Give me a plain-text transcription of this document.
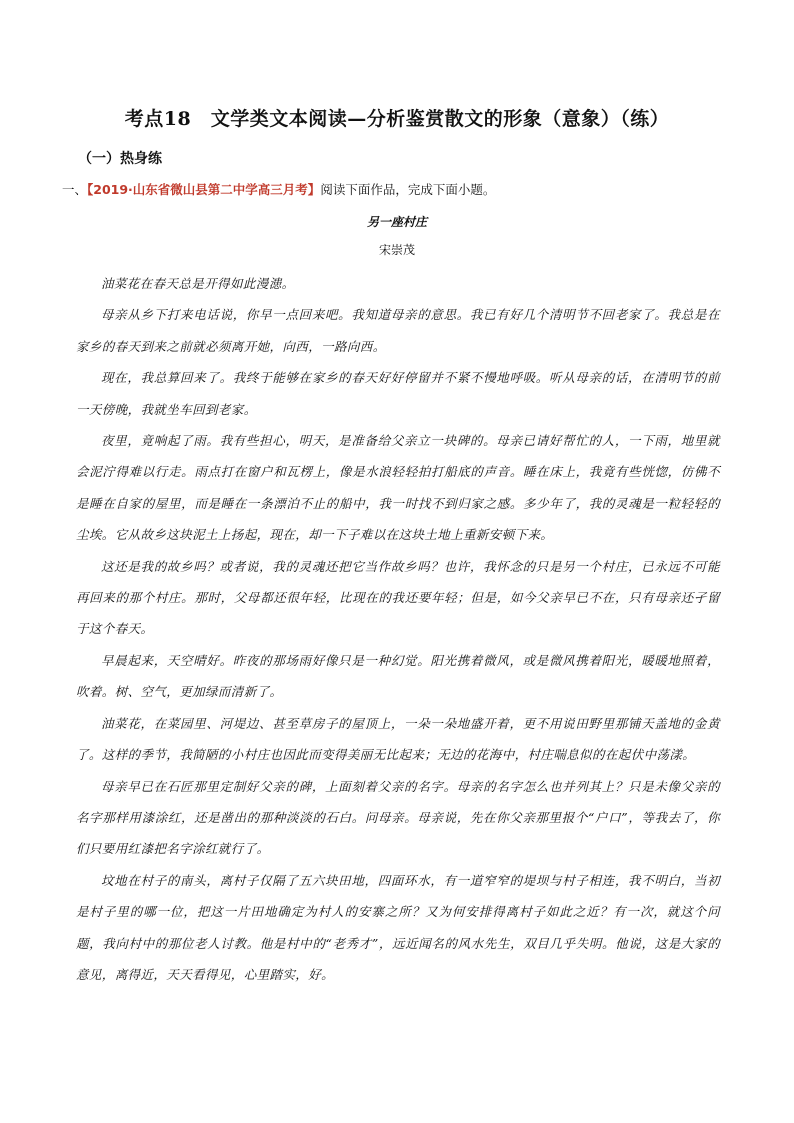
考点18　文学类文本阅读—分析鉴赏散文的形象（意象）（练）
（一）热身练
一、【2019·山东省微山县第二中学高三月考】阅读下面作品，完成下面小题。
另一座村庄
宋崇茂

油菜花在春天总是开得如此漫漶。

母亲从乡下打来电话说，你早一点回来吧。我知道母亲的意思。我已有好几个清明节不回老家了。我总是在家乡的春天到来之前就必须离开她，向西，一路向西。

现在，我总算回来了。我终于能够在家乡的春天好好停留并不紧不慢地呼吸。听从母亲的话，在清明节的前一天傍晚，我就坐车回到老家。

夜里，竟响起了雨。我有些担心，明天，是准备给父亲立一块碑的。母亲已请好帮忙的人，一下雨，地里就会泥泞得难以行走。雨点打在窗户和瓦楞上，像是水浪轻轻拍打船底的声音。睡在床上，我竟有些恍惚，仿佛不是睡在自家的屋里，而是睡在一条漂泊不止的船中，我一时找不到归家之感。多少年了，我的灵魂是一粒轻轻的尘埃。它从故乡这块泥土上扬起，现在，却一下子难以在这块土地上重新安顿下来。

这还是我的故乡吗？或者说，我的灵魂还把它当作故乡吗？也许，我怀念的只是另一个村庄，已永远不可能再回来的那个村庄。那时，父母都还很年轻，比现在的我还要年轻；但是，如今父亲早已不在，只有母亲还孑留于这个春天。

早晨起来，天空晴好。昨夜的那场雨好像只是一种幻觉。阳光携着微风，或是微风携着阳光，暖暖地照着，吹着。树、空气，更加绿而清新了。

油菜花，在菜园里、河堤边、甚至草房子的屋顶上，一朵一朵地盛开着，更不用说田野里那铺天盖地的金黄了。这样的季节，我简陋的小村庄也因此而变得美丽无比起来；无边的花海中，村庄喘息似的在起伏中荡漾。

母亲早已在石匠那里定制好父亲的碑，上面刻着父亲的名字。母亲的名字怎么也并列其上？只是未像父亲的名字那样用漆涂红，还是凿出的那种淡淡的石白。问母亲。母亲说，先在你父亲那里报个“户口”，等我去了，你们只要用红漆把名字涂红就行了。

坟地在村子的南头，离村子仅隔了五六块田地，四面环水，有一道窄窄的堤坝与村子相连，我不明白，当初是村子里的哪一位，把这一片田地确定为村人的安寨之所？又为何安排得离村子如此之近？有一次，就这个问题，我向村中的那位老人讨教。他是村中的“老秀才”，远近闻名的风水先生，双目几乎失明。他说，这是大家的意见，离得近，天天看得见，心里踏实，好。
